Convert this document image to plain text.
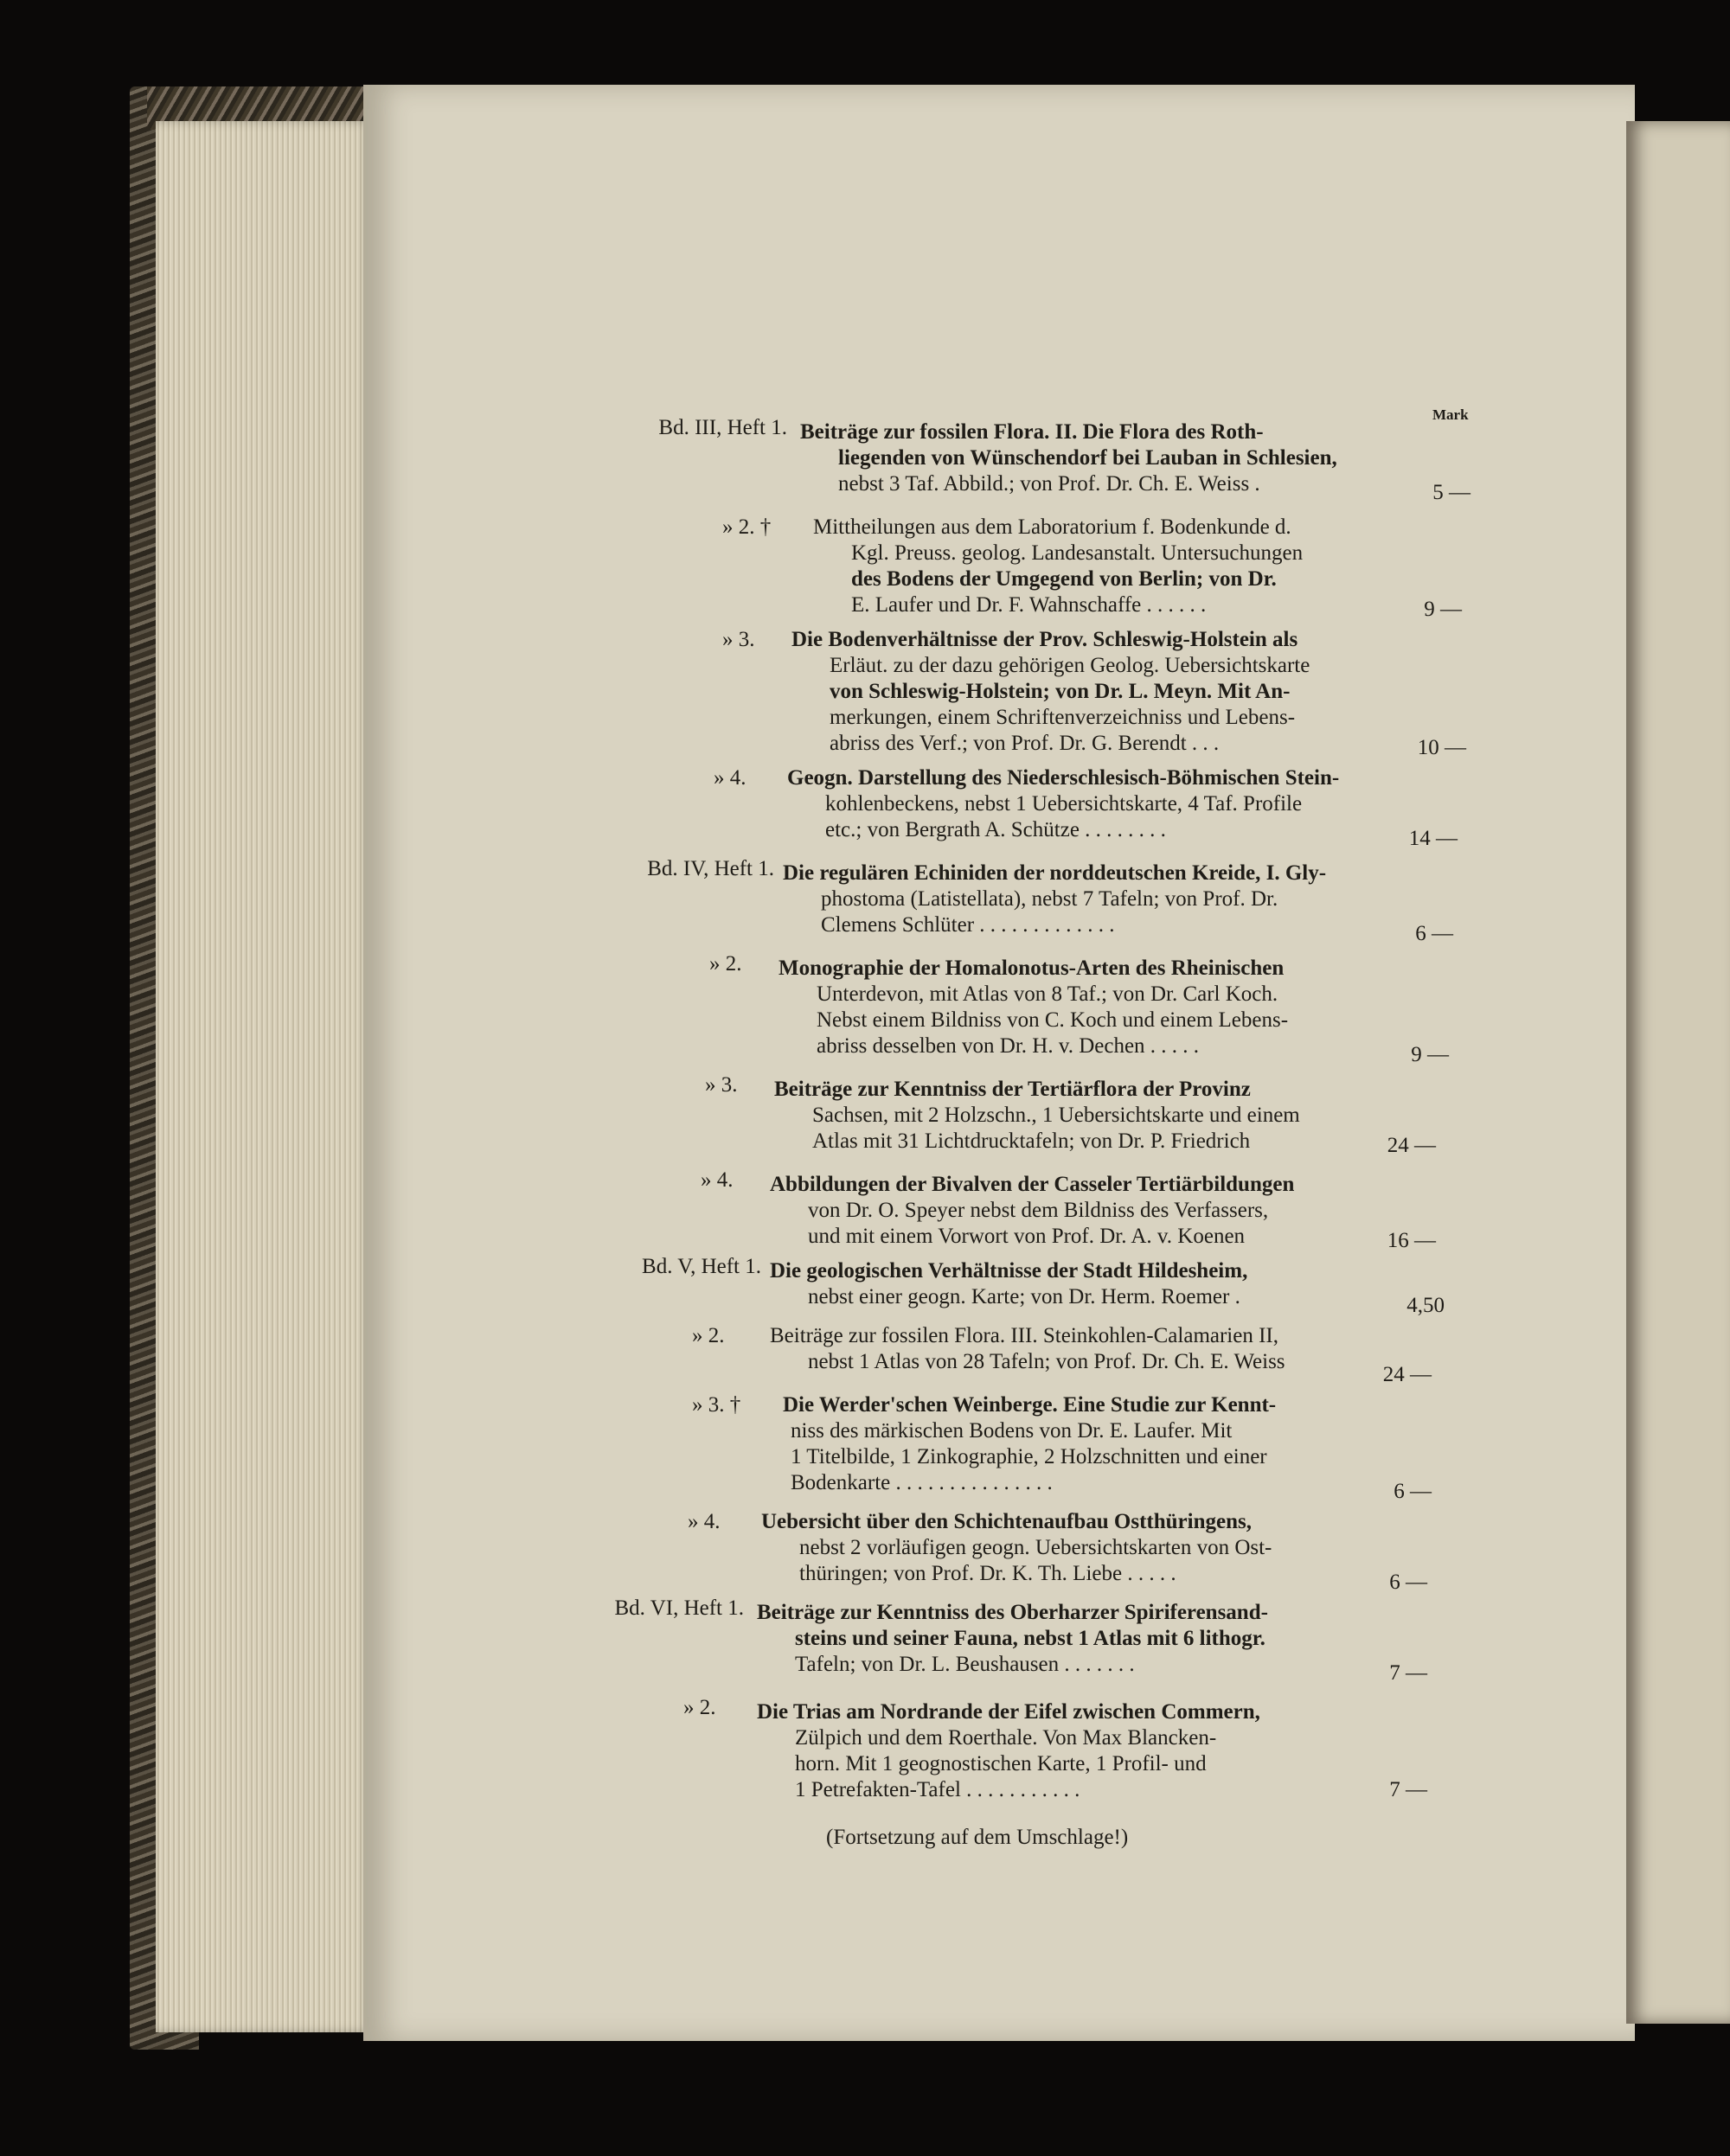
Mark
Bd. III, Heft 1. Beiträge zur fossilen Flora. II. Die Flora des Roth-
liegenden von Wünschendorf bei Lauban in Schlesien,
nebst 3 Taf. Abbild.; von Prof. Dr. Ch. E. Weiss .	5 —
» 2. † Mittheilungen aus dem Laboratorium f. Bodenkunde d.
Kgl. Preuss. geolog. Landesanstalt. Untersuchungen
des Bodens der Umgegend von Berlin; von Dr.
E. Laufer und Dr. F. Wahnschaffe . . . . . .	9 —
» 3. Die Bodenverhältnisse der Prov. Schleswig-Holstein als
Erläut. zu der dazu gehörigen Geolog. Uebersichtskarte
von Schleswig-Holstein; von Dr. L. Meyn. Mit An-
merkungen, einem Schriftenverzeichniss und Lebens-
abriss des Verf.; von Prof. Dr. G. Berendt . . .	10 —
» 4. Geogn. Darstellung des Niederschlesisch-Böhmischen Stein-
kohlenbeckens, nebst 1 Uebersichtskarte, 4 Taf. Profile
etc.; von Bergrath A. Schütze . . . . . . . .	14 —
Bd. IV, Heft 1. Die regulären Echiniden der norddeutschen Kreide, I. Gly-
phostoma (Latistellata), nebst 7 Tafeln; von Prof. Dr.
Clemens Schlüter . . . . . . . . . . . . .	6 —
» 2. Monographie der Homalonotus-Arten des Rheinischen
Unterdevon, mit Atlas von 8 Taf.; von Dr. Carl Koch.
Nebst einem Bildniss von C. Koch und einem Lebens-
abriss desselben von Dr. H. v. Dechen . . . . .	9 —
» 3. Beiträge zur Kenntniss der Tertiärflora der Provinz
Sachsen, mit 2 Holzschn., 1 Uebersichtskarte und einem
Atlas mit 31 Lichtdrucktafeln; von Dr. P. Friedrich	24 —
» 4. Abbildungen der Bivalven der Casseler Tertiärbildungen
von Dr. O. Speyer nebst dem Bildniss des Verfassers,
und mit einem Vorwort von Prof. Dr. A. v. Koenen	16 —
Bd. V, Heft 1. Die geologischen Verhältnisse der Stadt Hildesheim,
nebst einer geogn. Karte; von Dr. Herm. Roemer .	4,50
» 2. Beiträge zur fossilen Flora. III. Steinkohlen-Calamarien II,
nebst 1 Atlas von 28 Tafeln; von Prof. Dr. Ch. E. Weiss
24 —
» 3. † Die Werder'schen Weinberge. Eine Studie zur Kennt-
niss des märkischen Bodens von Dr. E. Laufer. Mit
1 Titelbilde, 1 Zinkographie, 2 Holzschnitten und einer
Bodenkarte . . . . . . . . . . . . . . .	6 —
» 4. Uebersicht über den Schichtenaufbau Ostthüringens,
nebst 2 vorläufigen geogn. Uebersichtskarten von Ost-
thüringen; von Prof. Dr. K. Th. Liebe . . . . .	6 —
Bd. VI, Heft 1. Beiträge zur Kenntniss des Oberharzer Spiriferensand-
steins und seiner Fauna, nebst 1 Atlas mit 6 lithogr.
Tafeln; von Dr. L. Beushausen . . . . . . .	7 —
» 2. Die Trias am Nordrande der Eifel zwischen Commern,
Zülpich und dem Roerthale. Von Max Blancken-
horn. Mit 1 geognostischen Karte, 1 Profil- und
1 Petrefakten-Tafel . . . . . . . . . . .	7 —
(Fortsetzung auf dem Umschlage!)
